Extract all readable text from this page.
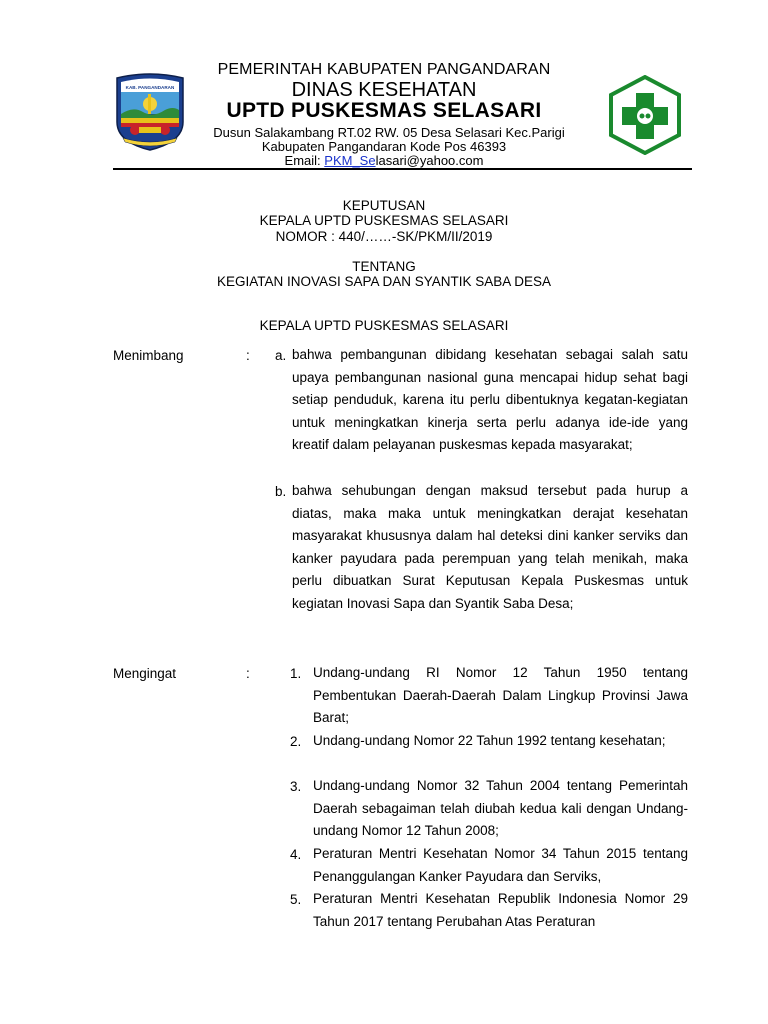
KAB. PANGANDARAN
PEMERINTAH KABUPATEN PANGANDARAN
DINAS KESEHATAN
UPTD PUSKESMAS SELASARI
Dusun Salakambang RT.02 RW. 05 Desa Selasari Kec.Parigi
Kabupaten Pangandaran Kode Pos 46393
Email: PKM_Selasari@yahoo.com
KEPUTUSAN
KEPALA UPTD PUSKESMAS SELASARI
NOMOR : 440/……-SK/PKM/II/2019
TENTANG
KEGIATAN INOVASI SAPA DAN SYANTIK SABA DESA
KEPALA UPTD PUSKESMAS SELASARI
Menimbang	: a. bahwa pembangunan dibidang kesehatan sebagai salah satu upaya pembangunan nasional guna mencapai hidup sehat bagi setiap penduduk, karena itu perlu dibentuknya kegatan-kegiatan untuk meningkatkan kinerja serta perlu adanya ide-ide yang kreatif dalam pelayanan puskesmas kepada masyarakat;
b. bahwa sehubungan dengan maksud tersebut pada hurup a diatas, maka maka untuk meningkatkan derajat kesehatan masyarakat khususnya dalam hal deteksi dini kanker serviks dan kanker payudara pada perempuan yang telah menikah, maka perlu dibuatkan Surat Keputusan Kepala Puskesmas untuk kegiatan Inovasi Sapa dan Syantik Saba Desa;
Mengingat	:	1. Undang-undang RI Nomor 12 Tahun 1950 tentang Pembentukan Daerah-Daerah Dalam Lingkup Provinsi Jawa Barat;
2. Undang-undang Nomor 22 Tahun 1992 tentang kesehatan;
3. Undang-undang Nomor 32 Tahun 2004 tentang Pemerintah Daerah sebagaiman telah diubah kedua kali dengan Undang-undang Nomor 12 Tahun 2008;
4. Peraturan Mentri Kesehatan Nomor 34 Tahun 2015 tentang Penanggulangan Kanker Payudara dan Serviks,
5. Peraturan Mentri Kesehatan Republik Indonesia Nomor 29 Tahun 2017 tentang Perubahan Atas Peraturan
